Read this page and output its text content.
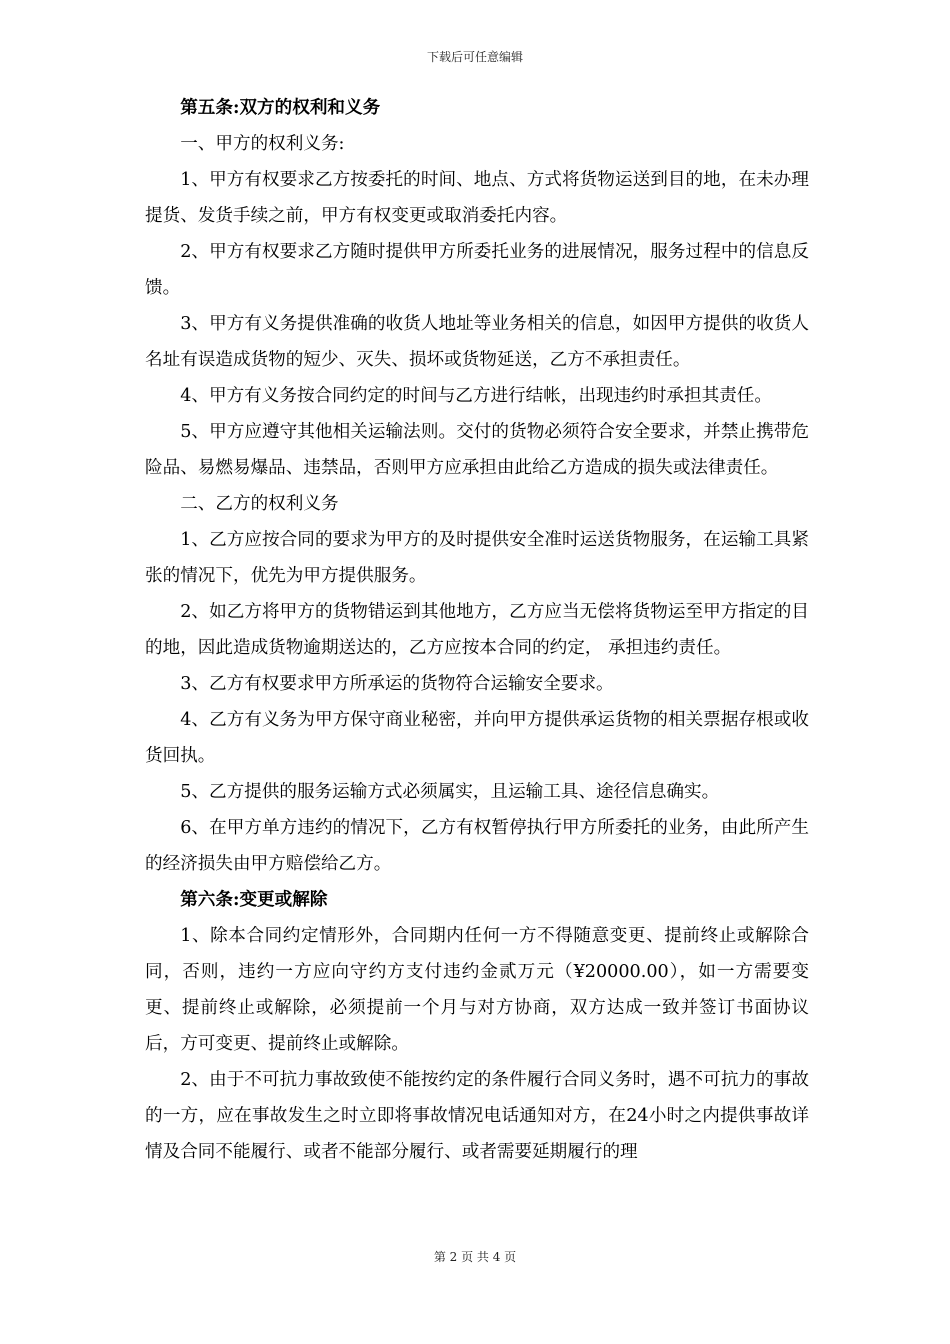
下载后可任意编辑

第五条:双方的权利和义务

一、甲方的权利义务:

1、甲方有权要求乙方按委托的时间、地点、方式将货物运送到目的地，在未办理提货、发货手续之前，甲方有权变更或取消委托内容。

2、甲方有权要求乙方随时提供甲方所委托业务的进展情况，服务过程中的信息反馈。

3、甲方有义务提供准确的收货人地址等业务相关的信息，如因甲方提供的收货人名址有误造成货物的短少、灭失、损坏或货物延送，乙方不承担责任。

4、甲方有义务按合同约定的时间与乙方进行结帐，出现违约时承担其责任。

5、甲方应遵守其他相关运输法则。交付的货物必须符合安全要求，并禁止携带危险品、易燃易爆品、违禁品，否则甲方应承担由此给乙方造成的损失或法律责任。

二、乙方的权利义务

1、乙方应按合同的要求为甲方的及时提供安全准时运送货物服务，在运输工具紧张的情况下，优先为甲方提供服务。

2、如乙方将甲方的货物错运到其他地方，乙方应当无偿将货物运至甲方指定的目的地，因此造成货物逾期送达的，乙方应按本合同的约定， 承担违约责任。

3、乙方有权要求甲方所承运的货物符合运输安全要求。

4、乙方有义务为甲方保守商业秘密，并向甲方提供承运货物的相关票据存根或收货回执。

5、乙方提供的服务运输方式必须属实，且运输工具、途径信息确实。

6、在甲方单方违约的情况下，乙方有权暂停执行甲方所委托的业务，由此所产生的经济损失由甲方赔偿给乙方。

第六条:变更或解除

1、除本合同约定情形外，合同期内任何一方不得随意变更、提前终止或解除合同，否则，违约一方应向守约方支付违约金贰万元（¥20000.00），如一方需要变更、提前终止或解除，必须提前一个月与对方协商，双方达成一致并签订书面协议后，方可变更、提前终止或解除。

2、由于不可抗力事故致使不能按约定的条件履行合同义务时，遇不可抗力的事故的一方，应在事故发生之时立即将事故情况电话通知对方，在24小时之内提供事故详情及合同不能履行、或者不能部分履行、或者需要延期履行的理

第 2 页 共 4 页
